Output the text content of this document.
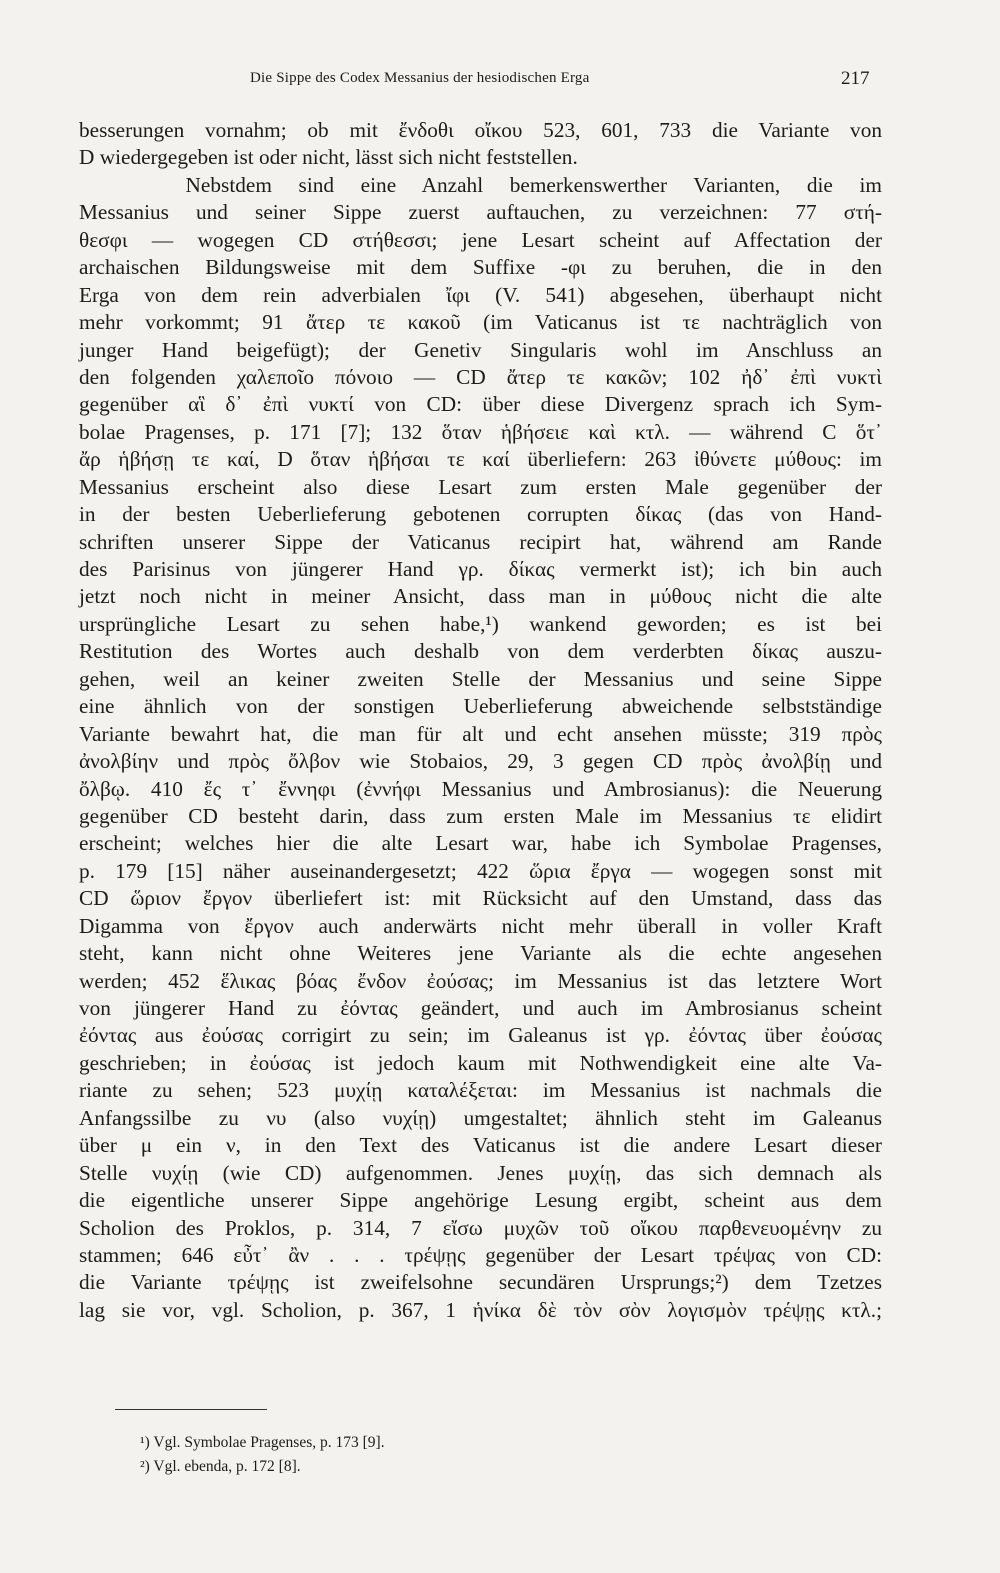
Die Sippe des Codex Messanius der hesiodischen Erga	217
besserungen vornahm; ob mit ἔνδοθι οἴκου 523, 601, 733 die Variante von
D wiedergegeben ist oder nicht, lässt sich nicht feststellen.
Nebstdem sind eine Anzahl bemerkenswerther Varianten, die im
Messanius und seiner Sippe zuerst auftauchen, zu verzeichnen: 77 στή-
θεσφι — wogegen CD στήθεσσι; jene Lesart scheint auf Affectation der
archaischen Bildungsweise mit dem Suffixe -φι zu beruhen, die in den
Erga von dem rein adverbialen ἴφι (V. 541) abgesehen, überhaupt nicht
mehr vorkommt; 91 ἄτερ τε κακοῦ (im Vaticanus ist τε nachträglich von
junger Hand beigefügt); der Genetiv Singularis wohl im Anschluss an
den folgenden χαλεποῖο πόνοιο — CD ἄτερ τε κακῶν; 102 ἠδ᾽ ἐπὶ νυκτὶ
gegenüber αἳ δ᾽ ἐπὶ νυκτί von CD: über diese Divergenz sprach ich Sym-
bolae Pragenses, p. 171 [7]; 132 ὅταν ἡβήσειε καὶ κτλ. — während C ὅτ᾽
ἄρ ἡβήσῃ τε καί, D ὅταν ἡβήσαι τε καί überliefern: 263 ἰθύνετε μύθους: im
Messanius erscheint also diese Lesart zum ersten Male gegenüber der
in der besten Ueberlieferung gebotenen corrupten δίκας (das von Hand-
schriften unserer Sippe der Vaticanus recipirt hat, während am Rande
des Parisinus von jüngerer Hand γρ. δίκας vermerkt ist); ich bin auch
jetzt noch nicht in meiner Ansicht, dass man in μύθους nicht die alte
ursprüngliche Lesart zu sehen habe,¹) wankend geworden; es ist bei
Restitution des Wortes auch deshalb von dem verderbten δίκας auszu-
gehen, weil an keiner zweiten Stelle der Messanius und seine Sippe
eine ähnlich von der sonstigen Ueberlieferung abweichende selbstständige
Variante bewahrt hat, die man für alt und echt ansehen müsste; 319 πρὸς
ἀνολβίην und πρὸς ὄλβον wie Stobaios, 29, 3 gegen CD πρὸς ἀνολβίῃ und
ὄλβῳ. 410 ἔς τ᾽ ἔννηφι (ἐννήφι Messanius und Ambrosianus): die Neuerung
gegenüber CD besteht darin, dass zum ersten Male im Messanius τε elidirt
erscheint; welches hier die alte Lesart war, habe ich Symbolae Pragenses,
p. 179 [15] näher auseinandergesetzt; 422 ὥρια ἔργα — wogegen sonst mit
CD ὥριον ἔργον überliefert ist: mit Rücksicht auf den Umstand, dass das
Digamma von ἔργον auch anderwärts nicht mehr überall in voller Kraft
steht, kann nicht ohne Weiteres jene Variante als die echte angesehen
werden; 452 ἕλικας βόας ἔνδον ἐούσας; im Messanius ist das letztere Wort
von jüngerer Hand zu ἐόντας geändert, und auch im Ambrosianus scheint
ἐόντας aus ἐούσας corrigirt zu sein; im Galeanus ist γρ. ἐόντας über ἐούσας
geschrieben; in ἐούσας ist jedoch kaum mit Nothwendigkeit eine alte Va-
riante zu sehen; 523 μυχίῃ καταλέξεται: im Messanius ist nachmals die
Anfangssilbe zu νυ (also νυχίῃ) umgestaltet; ähnlich steht im Galeanus
über μ ein ν, in den Text des Vaticanus ist die andere Lesart dieser
Stelle νυχίῃ (wie CD) aufgenommen. Jenes μυχίῃ, das sich demnach als
die eigentliche unserer Sippe angehörige Lesung ergibt, scheint aus dem
Scholion des Proklos, p. 314, 7 εἴσω μυχῶν τοῦ οἴκου παρθενευομένην zu
stammen; 646 εὖτ᾽ ἂν . . . τρέψῃς gegenüber der Lesart τρέψας von CD:
die Variante τρέψῃς ist zweifelsohne secundären Ursprungs;²) dem Tzetzes
lag sie vor, vgl. Scholion, p. 367, 1 ἡνίκα δὲ τὸν σὸν λογισμὸν τρέψῃς κτλ.;
¹) Vgl. Symbolae Pragenses, p. 173 [9].
²) Vgl. ebenda, p. 172 [8].
